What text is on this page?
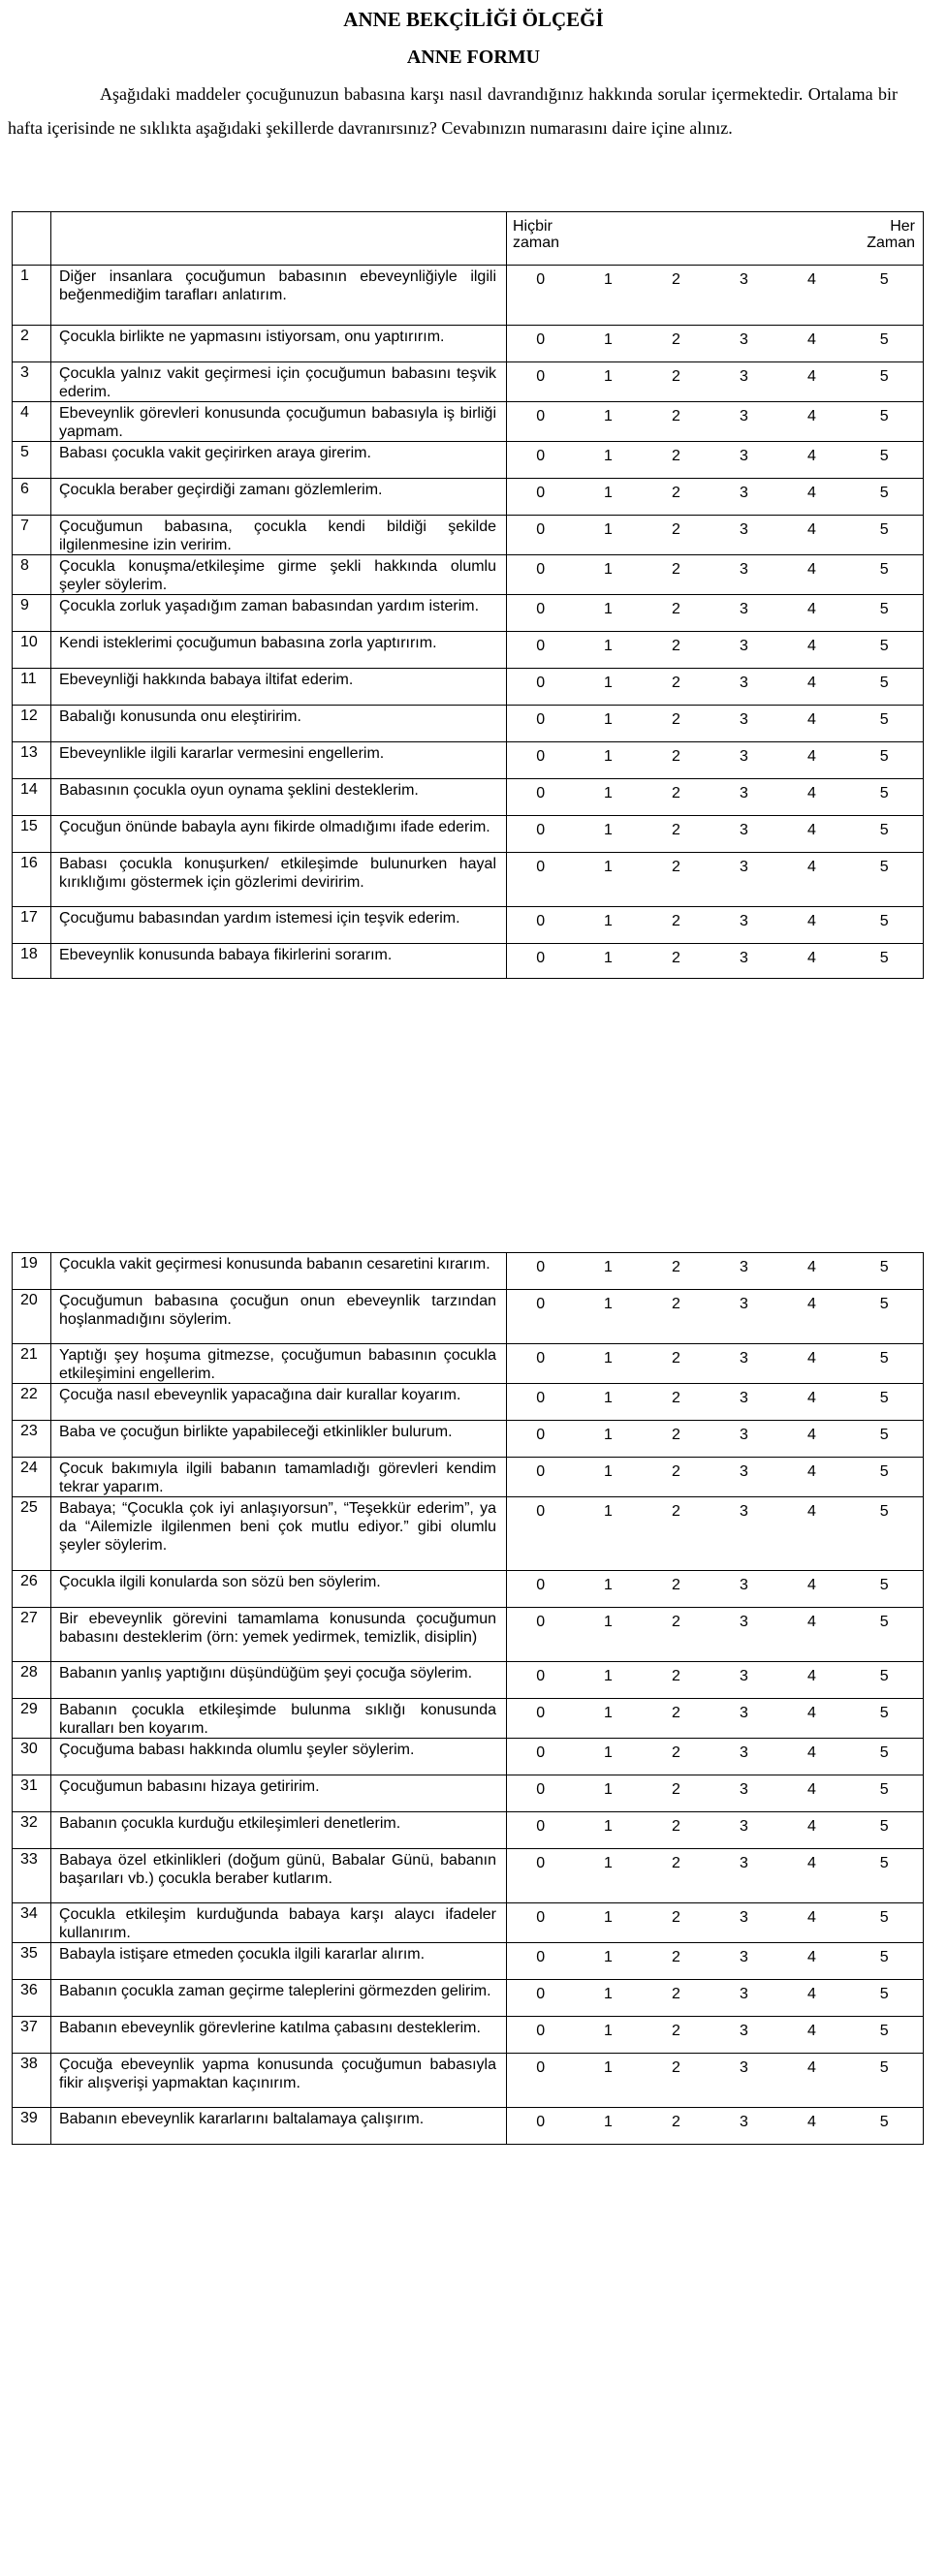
ANNE BEKÇİLİĞİ ÖLÇEĞİ
ANNE FORMU
Aşağıdaki maddeler çocuğunuzun babasına karşı nasıl davrandığınız hakkında sorular içermektedir. Ortalama bir hafta içerisinde ne sıklıkta aşağıdaki şekillerde davranırsınız? Cevabınızın numarasını daire içine alınız.

		Hiçbir zaman					Her Zaman

1	Diğer insanlara çocuğumun babasının ebeveynliğiyle ilgili beğenmediğim tarafları anlatırım.	0	1	2	3	4	5
2	Çocukla birlikte ne yapmasını istiyorsam, onu yaptırırım.	0	1	2	3	4	5
3	Çocukla yalnız vakit geçirmesi için çocuğumun babasını teşvik ederim.	0	1	2	3	4	5
4	Ebeveynlik görevleri konusunda çocuğumun babasıyla iş birliği yapmam.	0	1	2	3	4	5
5	Babası çocukla vakit geçirirken araya girerim.	0	1	2	3	4	5
6	Çocukla beraber geçirdiği zamanı gözlemlerim.	0	1	2	3	4	5
7	Çocuğumun babasına, çocukla kendi bildiği şekilde ilgilenmesine izin veririm.	0	1	2	3	4	5
8	Çocukla konuşma/etkileşime girme şekli hakkında olumlu şeyler söylerim.	0	1	2	3	4	5
9	Çocukla zorluk yaşadığım zaman babasından yardım isterim.	0	1	2	3	4	5
10	Kendi isteklerimi çocuğumun babasına zorla yaptırırım.	0	1	2	3	4	5
11	Ebeveynliği hakkında babaya iltifat ederim.	0	1	2	3	4	5
12	Babalığı konusunda onu eleştiririm.	0	1	2	3	4	5
13	Ebeveynlikle ilgili kararlar vermesini engellerim.	0	1	2	3	4	5
14	Babasının çocukla oyun oynama şeklini desteklerim.	0	1	2	3	4	5
15	Çocuğun önünde babayla aynı fikirde olmadığımı ifade ederim.	0	1	2	3	4	5
16	Babası çocukla konuşurken/ etkileşimde bulunurken hayal kırıklığımı göstermek için gözlerimi deviririm.	0	1	2	3	4	5
17	Çocuğumu babasından yardım istemesi için teşvik ederim.	0	1	2	3	4	5
18	Ebeveynlik konusunda babaya fikirlerini sorarım.	0	1	2	3	4	5
19	Çocukla vakit geçirmesi konusunda babanın cesaretini kırarım.	0	1	2	3	4	5
20	Çocuğumun babasına çocuğun onun ebeveynlik tarzından hoşlanmadığını söylerim.	0	1	2	3	4	5
21	Yaptığı şey hoşuma gitmezse, çocuğumun babasının çocukla etkileşimini engellerim.	0	1	2	3	4	5
22	Çocuğa nasıl ebeveynlik yapacağına dair kurallar koyarım.	0	1	2	3	4	5
23	Baba ve çocuğun birlikte yapabileceği etkinlikler bulurum.	0	1	2	3	4	5
24	Çocuk bakımıyla ilgili babanın tamamladığı görevleri kendim tekrar yaparım.	0	1	2	3	4	5
25	Babaya; “Çocukla çok iyi anlaşıyorsun”, “Teşekkür ederim”, ya da “Ailemizle ilgilenmen beni çok mutlu ediyor.” gibi olumlu şeyler söylerim.	0	1	2	3	4	5
26	Çocukla ilgili konularda son sözü ben söylerim.	0	1	2	3	4	5
27	Bir ebeveynlik görevini tamamlama konusunda çocuğumun babasını desteklerim (örn: yemek yedirmek, temizlik, disiplin)	0	1	2	3	4	5
28	Babanın yanlış yaptığını düşündüğüm şeyi çocuğa söylerim.	0	1	2	3	4	5
29	Babanın çocukla etkileşimde bulunma sıklığı konusunda kuralları ben koyarım.	0	1	2	3	4	5
30	Çocuğuma babası hakkında olumlu şeyler söylerim.	0	1	2	3	4	5
31	Çocuğumun babasını hizaya getiririm.	0	1	2	3	4	5
32	Babanın çocukla kurduğu etkileşimleri denetlerim.	0	1	2	3	4	5
33	Babaya özel etkinlikleri (doğum günü, Babalar Günü, babanın başarıları vb.) çocukla beraber kutlarım.	0	1	2	3	4	5
34	Çocukla etkileşim kurduğunda babaya karşı alaycı ifadeler kullanırım.	0	1	2	3	4	5
35	Babayla istişare etmeden çocukla ilgili kararlar alırım.	0	1	2	3	4	5
36	Babanın çocukla zaman geçirme taleplerini görmezden gelirim.	0	1	2	3	4	5
37	Babanın ebeveynlik görevlerine katılma çabasını desteklerim.	0	1	2	3	4	5
38	Çocuğa ebeveynlik yapma konusunda çocuğumun babasıyla fikir alışverişi yapmaktan kaçınırım.	0	1	2	3	4	5
39	Babanın ebeveynlik kararlarını baltalamaya çalışırım.	0	1	2	3	4	5
